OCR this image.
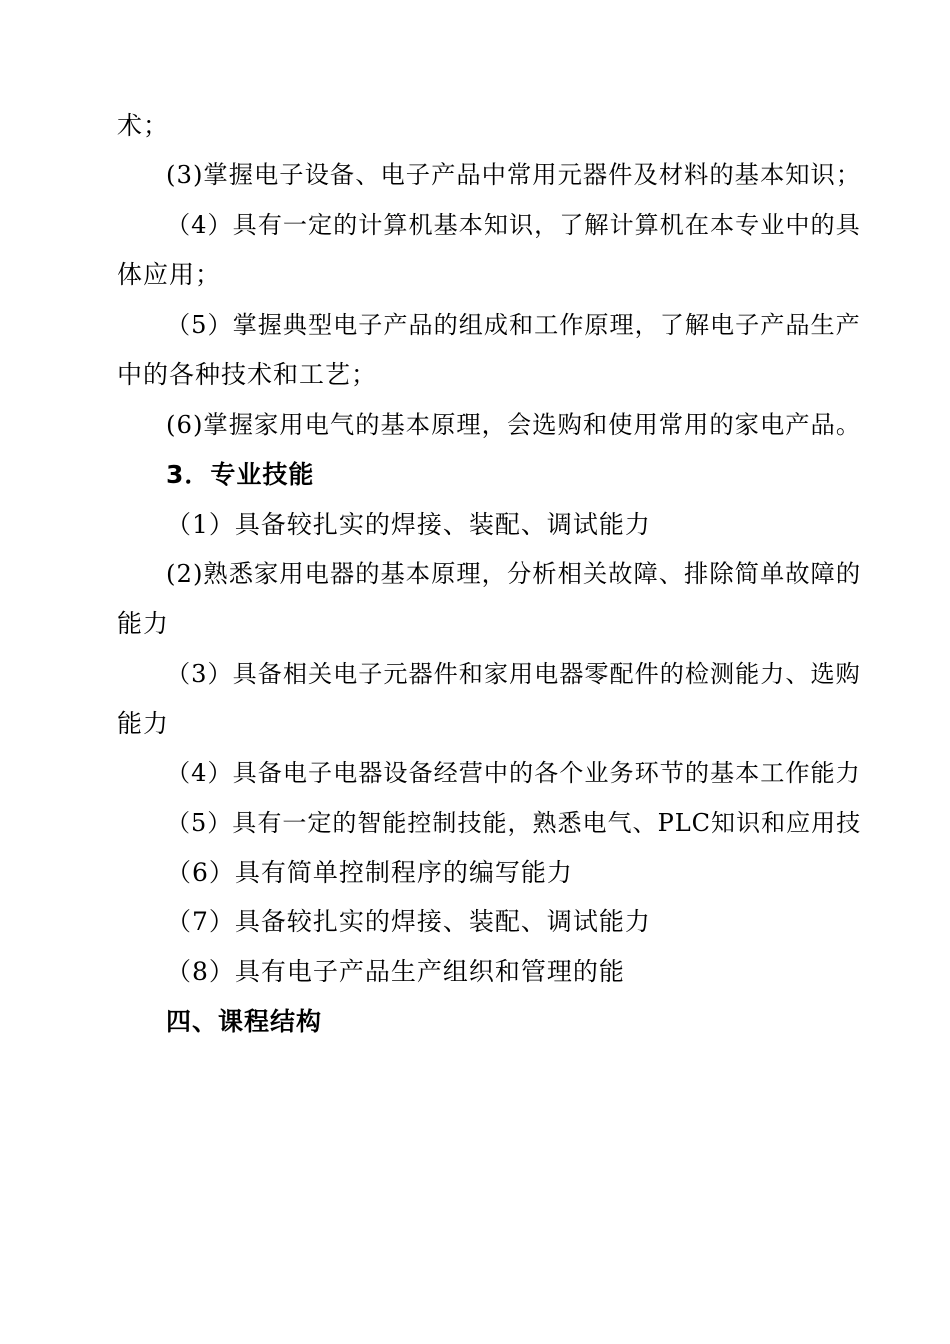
术；
(3)掌握电子设备、电子产品中常用元器件及材料的基本知识；
（4）具有一定的计算机基本知识，了解计算机在本专业中的具
体应用；
（5）掌握典型电子产品的组成和工作原理，了解电子产品生产
中的各种技术和工艺；
(6)掌握家用电气的基本原理，会选购和使用常用的家电产品。
3．专业技能
（1）具备较扎实的焊接、装配、调试能力
(2)熟悉家用电器的基本原理，分析相关故障、排除简单故障的
能力
（3）具备相关电子元器件和家用电器零配件的检测能力、选购
能力
（4）具备电子电器设备经营中的各个业务环节的基本工作能力
（5）具有一定的智能控制技能，熟悉电气、PLC知识和应用技
（6）具有简单控制程序的编写能力
（7）具备较扎实的焊接、装配、调试能力
（8）具有电子产品生产组织和管理的能
四、课程结构
